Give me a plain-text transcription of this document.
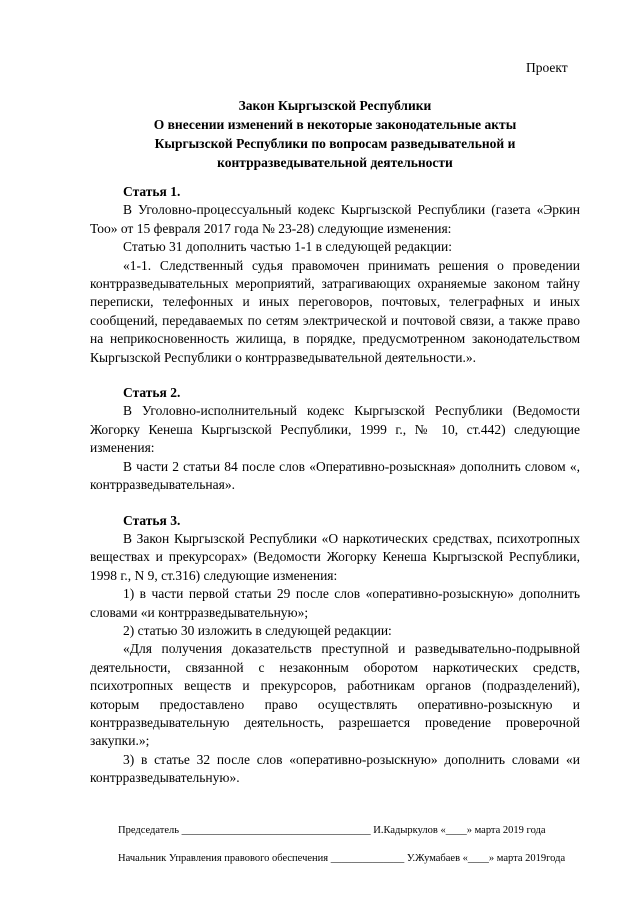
Проект
Закон Кыргызской Республики
О внесении изменений в некоторые законодательные акты
Кыргызской Республики по вопросам разведывательной и
контрразведывательной деятельности

Статья 1.

В Уголовно-процессуальный кодекс Кыргызской Республики (газета «Эркин Тоо» от 15 февраля 2017 года № 23-28) следующие изменения:

Статью 31 дополнить частью 1-1 в следующей редакции:

«1-1. Следственный судья правомочен принимать решения о проведении контрразведывательных мероприятий, затрагивающих охраняемые законом тайну переписки, телефонных и иных переговоров, почтовых, телеграфных и иных сообщений, передаваемых по сетям электрической и почтовой связи, а также право на неприкосновенность жилища, в порядке, предусмотренном законодательством Кыргызской Республики о контрразведывательной деятельности.».

Статья 2.

В Уголовно-исполнительный кодекс Кыргызской Республики (Ведомости Жогорку Кенеша Кыргызской Республики, 1999 г., № 10, ст.442) следующие изменения:

В части 2 статьи 84 после слов «Оперативно-розыскная» дополнить словом «, контрразведывательная».

Статья 3.

В Закон Кыргызской Республики «О наркотических средствах, психотропных веществах и прекурсорах» (Ведомости Жогорку Кенеша Кыргызской Республики, 1998 г., N 9, ст.316) следующие изменения:

1) в части первой статьи 29 после слов «оперативно-розыскную» дополнить словами «и контрразведывательную»;

2) статью 30 изложить в следующей редакции:

«Для получения доказательств преступной и разведывательно-подрывной деятельности, связанной с незаконным оборотом наркотических средств, психотропных веществ и прекурсоров, работникам органов (подразделений), которым предоставлено право осуществлять оперативно-розыскную и контрразведывательную деятельность, разрешается проведение проверочной закупки.»;

3) в статье 32 после слов «оперативно-розыскную» дополнить словами «и контрразведывательную».

Председатель ____________________________________ И.Кадыркулов «____» марта 2019 года
Начальник Управления правового обеспечения ______________ У.Жумабаев «____» марта 2019года
